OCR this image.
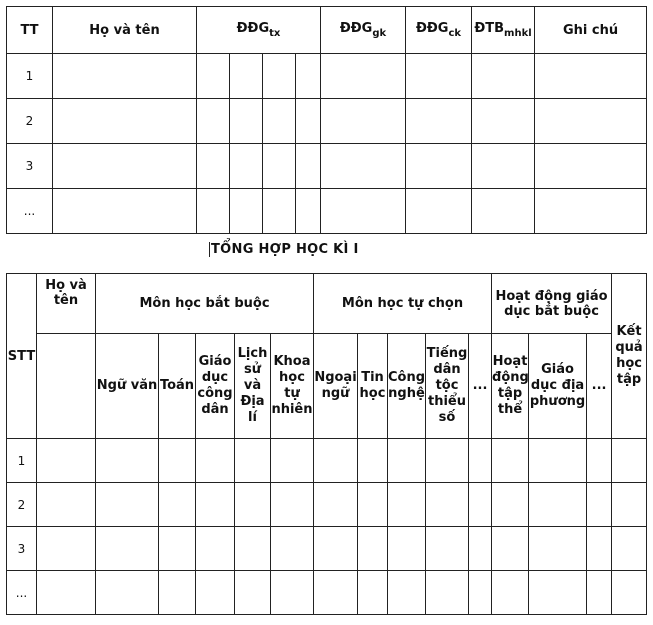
TT	Họ và tên	$ĐĐG_{tx}$				$ĐĐG_{gk}$	$ĐĐG_{ck}$	$ĐTB_{mhkl}$	Ghi chú
1									
2									
3									
...									
TỔNG HỢP HỌC KÌ I
STT	Họ và tên	Môn học bắt buộc					Môn học tự chọn					Hoạt động giáo dục bắt buộc			Kết quả học tập
		Ngữ văn	Toán	Giáo dục công dân	Lịch sử và Địa lí	Khoa học tự nhiên	Ngoại ngữ	Tin học	Công nghệ	Tiếng dân tộc thiểu số	...	Hoạt động tập thể	Giáo dục địa phương	...	
1															
2															
3															
...															
